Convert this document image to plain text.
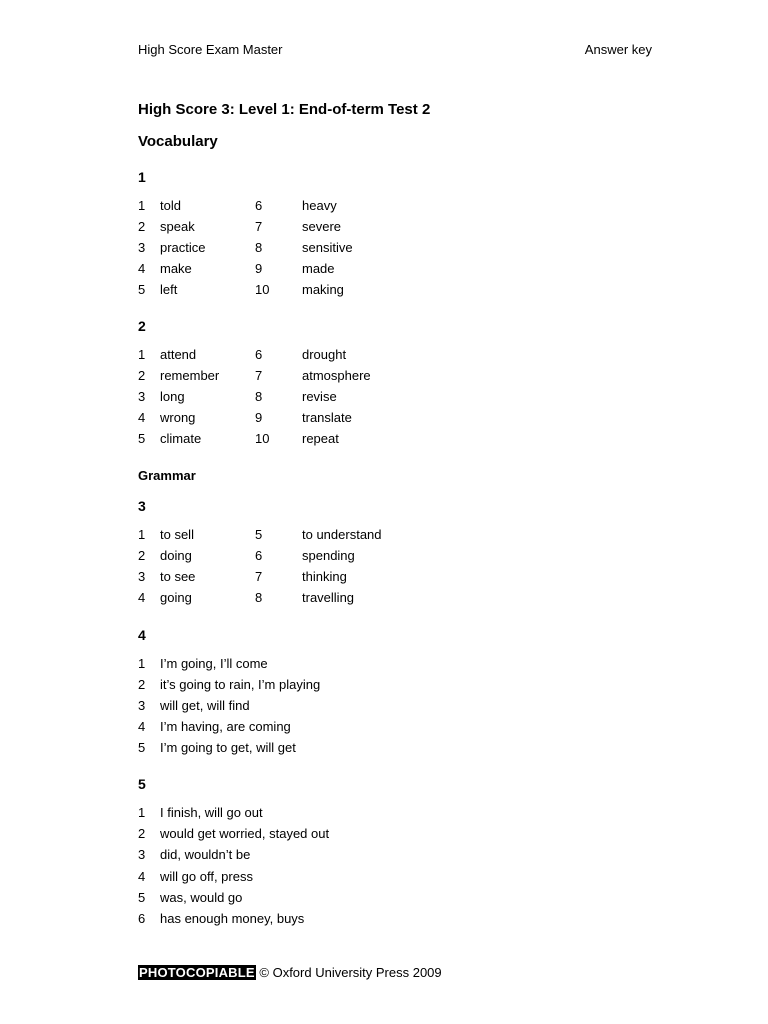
High Score Exam Master	Answer key
High Score 3: Level 1: End-of-term Test 2
Vocabulary
1
1 told	6	heavy
2 speak	7	severe
3 practice	8	sensitive
4 make	9	made
5 left	10	making
2
1 attend	6	drought
2 remember	7	atmosphere
3 long	8	revise
4 wrong	9	translate
5 climate	10	repeat
Grammar
3
1 to sell	5	to understand
2 doing	6	spending
3 to see	7	thinking
4 going	8	travelling
4
1 I’m going, I’ll come
2 it’s going to rain, I’m playing
3 will get, will find
4 I’m having, are coming
5 I’m going to get, will get
5
1 I finish, will go out
2 would get worried, stayed out
3 did, wouldn’t be
4 will go off, press
5 was, would go
6 has enough money, buys
PHOTOCOPIABLE © Oxford University Press 2009
